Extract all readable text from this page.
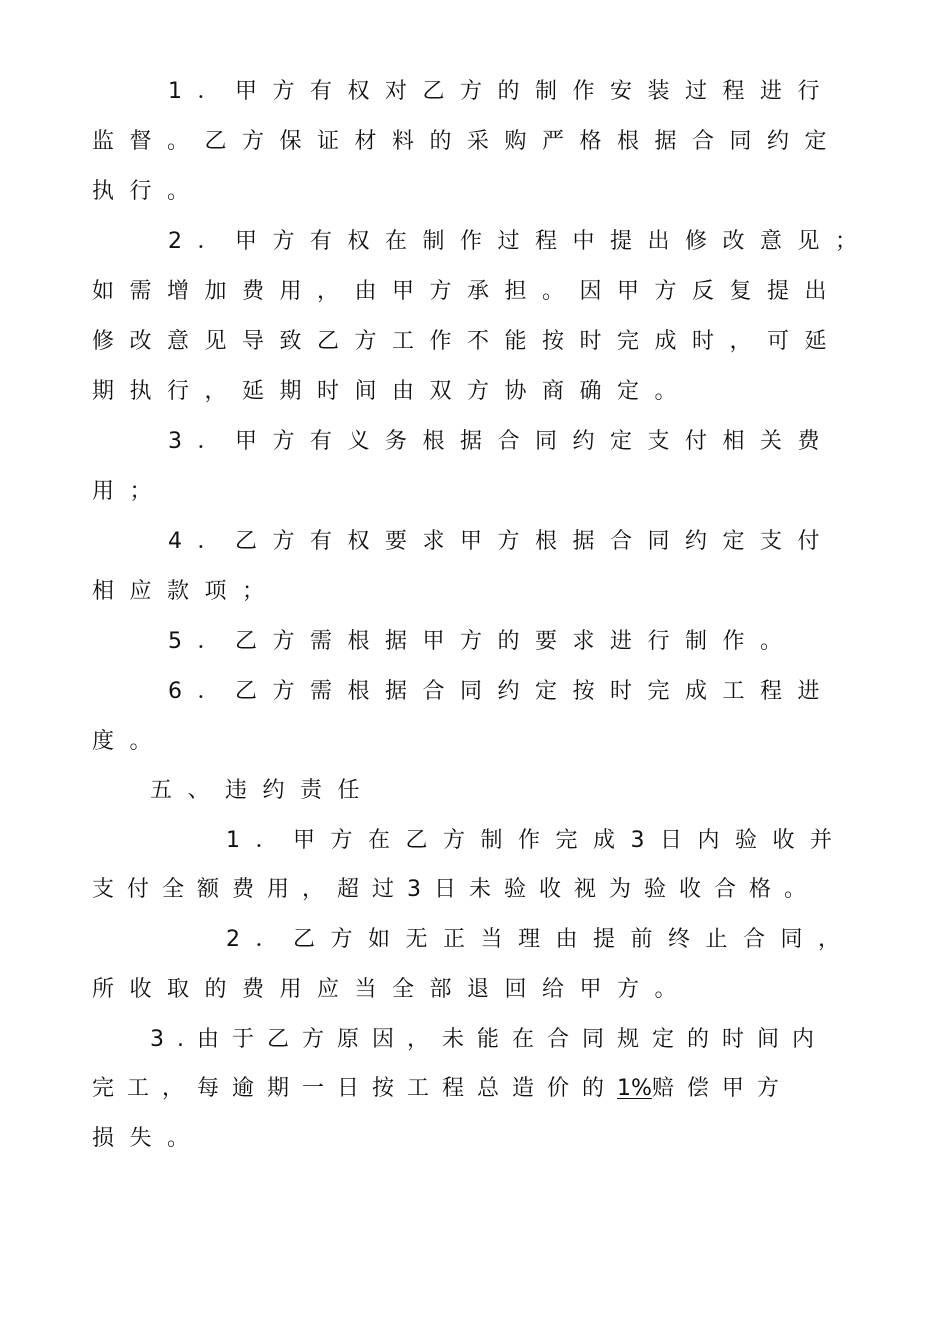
1．甲方有权对乙方的制作安装过程进行
监督。乙方保证材料的采购严格根据合同约定
执行。
2．甲方有权在制作过程中提出修改意见；
如需增加费用，由甲方承担。因甲方反复提出
修改意见导致乙方工作不能按时完成时，可延
期执行，延期时间由双方协商确定。
3．甲方有义务根据合同约定支付相关费
用；
4．乙方有权要求甲方根据合同约定支付
相应款项；
5．乙方需根据甲方的要求进行制作。
6．乙方需根据合同约定按时完成工程进
度。
五、违约责任
1．甲方在乙方制作完成3日内验收并
支付全额费用，超过3日未验收视为验收合格。
2．乙方如无正当理由提前终止合同，
所收取的费用应当全部退回给甲方。
3.由于乙方原因，未能在合同规定的时间内
完工，每逾期一日按工程总造价的1%赔偿甲方
损失。
